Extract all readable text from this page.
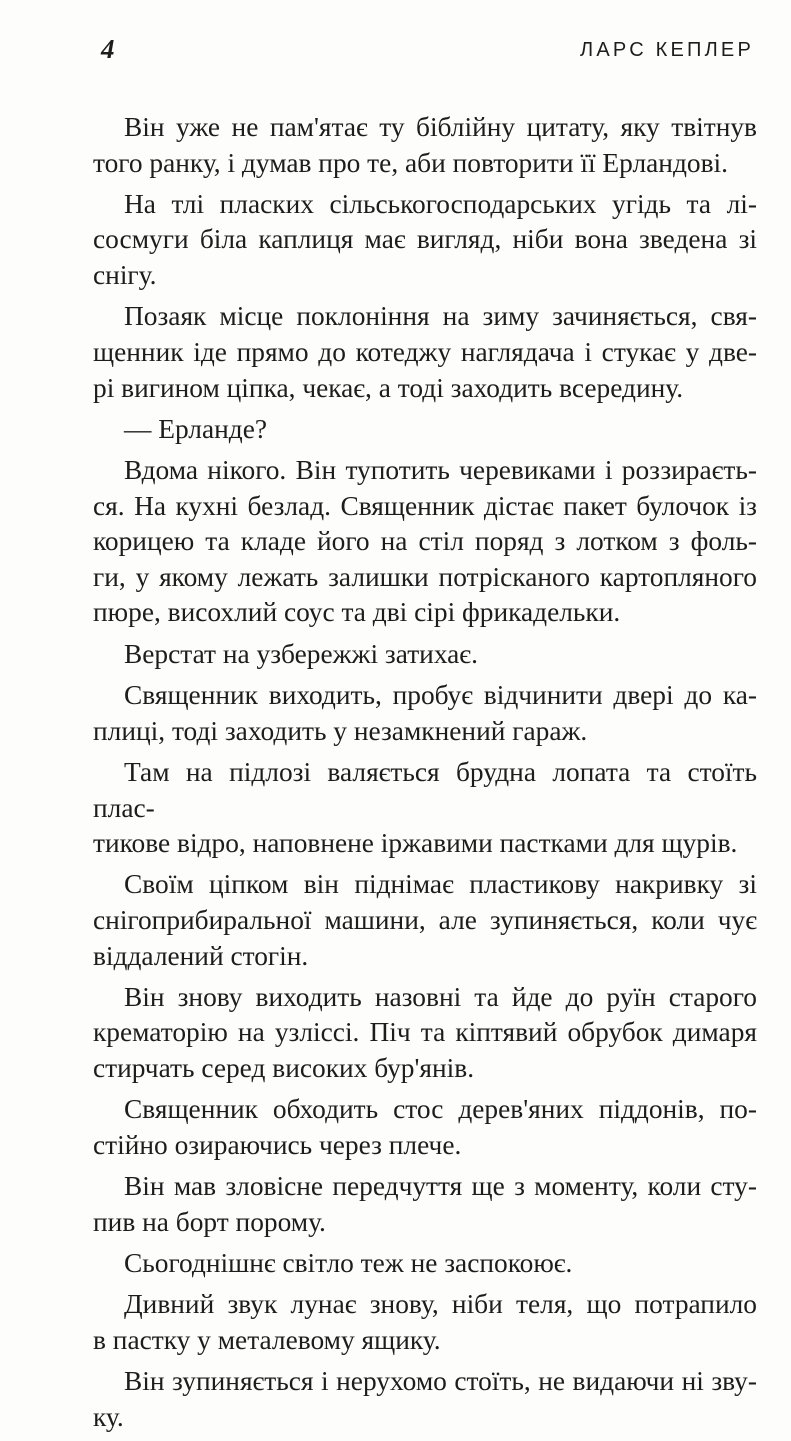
4	ЛАРС КЕПЛЕР

Він уже не пам'ятає ту біблійну цитату, яку твітнув
того ранку, і думав про те, аби повторити її Ерландові.

На тлі пласких сільськогосподарських угідь та лі-
сосмуги біла каплиця має вигляд, ніби вона зведена зі
снігу.

Позаяк місце поклоніння на зиму зачиняється, свя-
щенник іде прямо до котеджу наглядача і стукає у две-
рі вигином ціпка, чекає, а тоді заходить всередину.

— Ерланде?

Вдома нікого. Він тупотить черевиками і роззираєть-
ся. На кухні безлад. Священник дістає пакет булочок із
корицею та кладе його на стіл поряд з лотком з фоль-
ги, у якому лежать залишки потрісканого картопляного
пюре, висохлий соус та дві сірі фрикадельки.

Верстат на узбережжі затихає.

Священник виходить, пробує відчинити двері до ка-
плиці, тоді заходить у незамкнений гараж.

Там на підлозі валяється брудна лопата та стоїть плас-
тикове відро, наповнене іржавими пастками для щурів.

Своїм ціпком він піднімає пластикову накривку зі
снігоприбиральної машини, але зупиняється, коли чує
віддалений стогін.

Він знову виходить назовні та йде до руїн старого
крематорію на узліссі. Піч та кіптявий обрубок димаря
стирчать серед високих бур'янів.

Священник обходить стос дерев'яних піддонів, по-
стійно озираючись через плече.

Він мав зловісне передчуття ще з моменту, коли сту-
пив на борт порому.

Сьогоднішнє світло теж не заспокоює.

Дивний звук лунає знову, ніби теля, що потрапило
в пастку у металевому ящику.

Він зупиняється і нерухомо стоїть, не видаючи ні зву-
ку.
